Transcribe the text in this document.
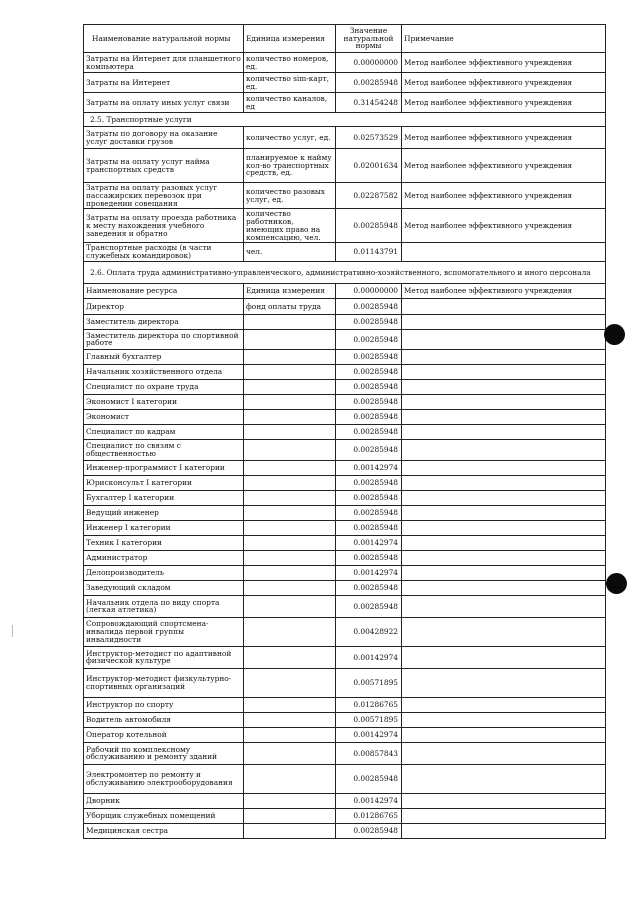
Наименование натуральной нормы	Единица измерения	Значение натуральной нормы	Примечание
Затраты на Интернет для планшетного компьютера	количество номеров, ед.	0.00000000	Метод наиболее эффективного учреждения
Затраты на Интернет	количество sim-карт, ед.	0.00285948	Метод наиболее эффективного учреждения
Затраты на оплату иных услуг связи	количество каналов, ед	0.31454248	Метод наиболее эффективного учреждения
2.5. Транспортные услуги			
Затраты по договору на оказание услуг доставки грузов	количество услуг, ед.	0.02573529	Метод наиболее эффективного учреждения
Затраты на оплату услуг найма транспортных средств	планируемое к найму кол-во транспортных средств, ед.	0.02001634	Метод наиболее эффективного учреждения
Затраты на оплату разовых услуг пассажирских перевозок при проведении совещания	количество разовых услуг, ед.	0.02287582	Метод наиболее эффективного учреждения
Затраты на оплату проезда работника к месту нахождения учебного заведения и обратно	количество работников, имеющих право на компенсацию, чел.	0.00285948	Метод наиболее эффективного учреждения
Транспортные расходы (в части служебных командировок)	чел.	0.01143791	
2.6. Оплата труда административно-управленческого, административно-хозяйственного, вспомогательного и иного персонала			
Наименование ресурса	Единица измерения	0.00000000	Метод наиболее эффективного учреждения
Директор	фонд оплаты труда	0.00285948	
Заместитель директора		0.00285948	
Заместитель директора по спортивной работе		0.00285948	
Главный бухгалтер		0.00285948	
Начальник хозяйственного отдела		0.00285948	
Специалист по охране труда		0.00285948	
Экономист I категории		0.00285948	
Экономист		0.00285948	
Специалист по кадрам		0.00285948	
Специалист по связям с общественностью		0.00285948	
Инженер-программист I категории		0.00142974	
Юрисконсульт I категории		0.00285948	
Бухгалтер I категории		0.00285948	
Ведущий инженер		0.00285948	
Инженер I категории		0.00285948	
Техник I категории		0.00142974	
Администратор		0.00285948	
Делопроизводитель		0.00142974	
Заведующий складом		0.00285948	
Начальник отдела по виду спорта (легкая атлетика)		0.00285948	
Сопровождающий спортсмена-инвалида первой группы инвалидности		0.00428922	
Инструктор-методист по адаптивной физической культуре		0.00142974	
Инструктор-методист физкультурно-спортивных организаций		0.00571895	
Инструктор по спорту		0.01286765	
Водитель автомобиля		0.00571895	
Оператор котельной		0.00142974	
Рабочий по комплексному обслуживанию и ремонту зданий		0.00857843	
Электромонтер по ремонту и обслуживанию электрооборудования		0.00285948	
Дворник		0.00142974	
Уборщик служебных помещений		0.01286765	
Медицинская сестра		0.00285948	
